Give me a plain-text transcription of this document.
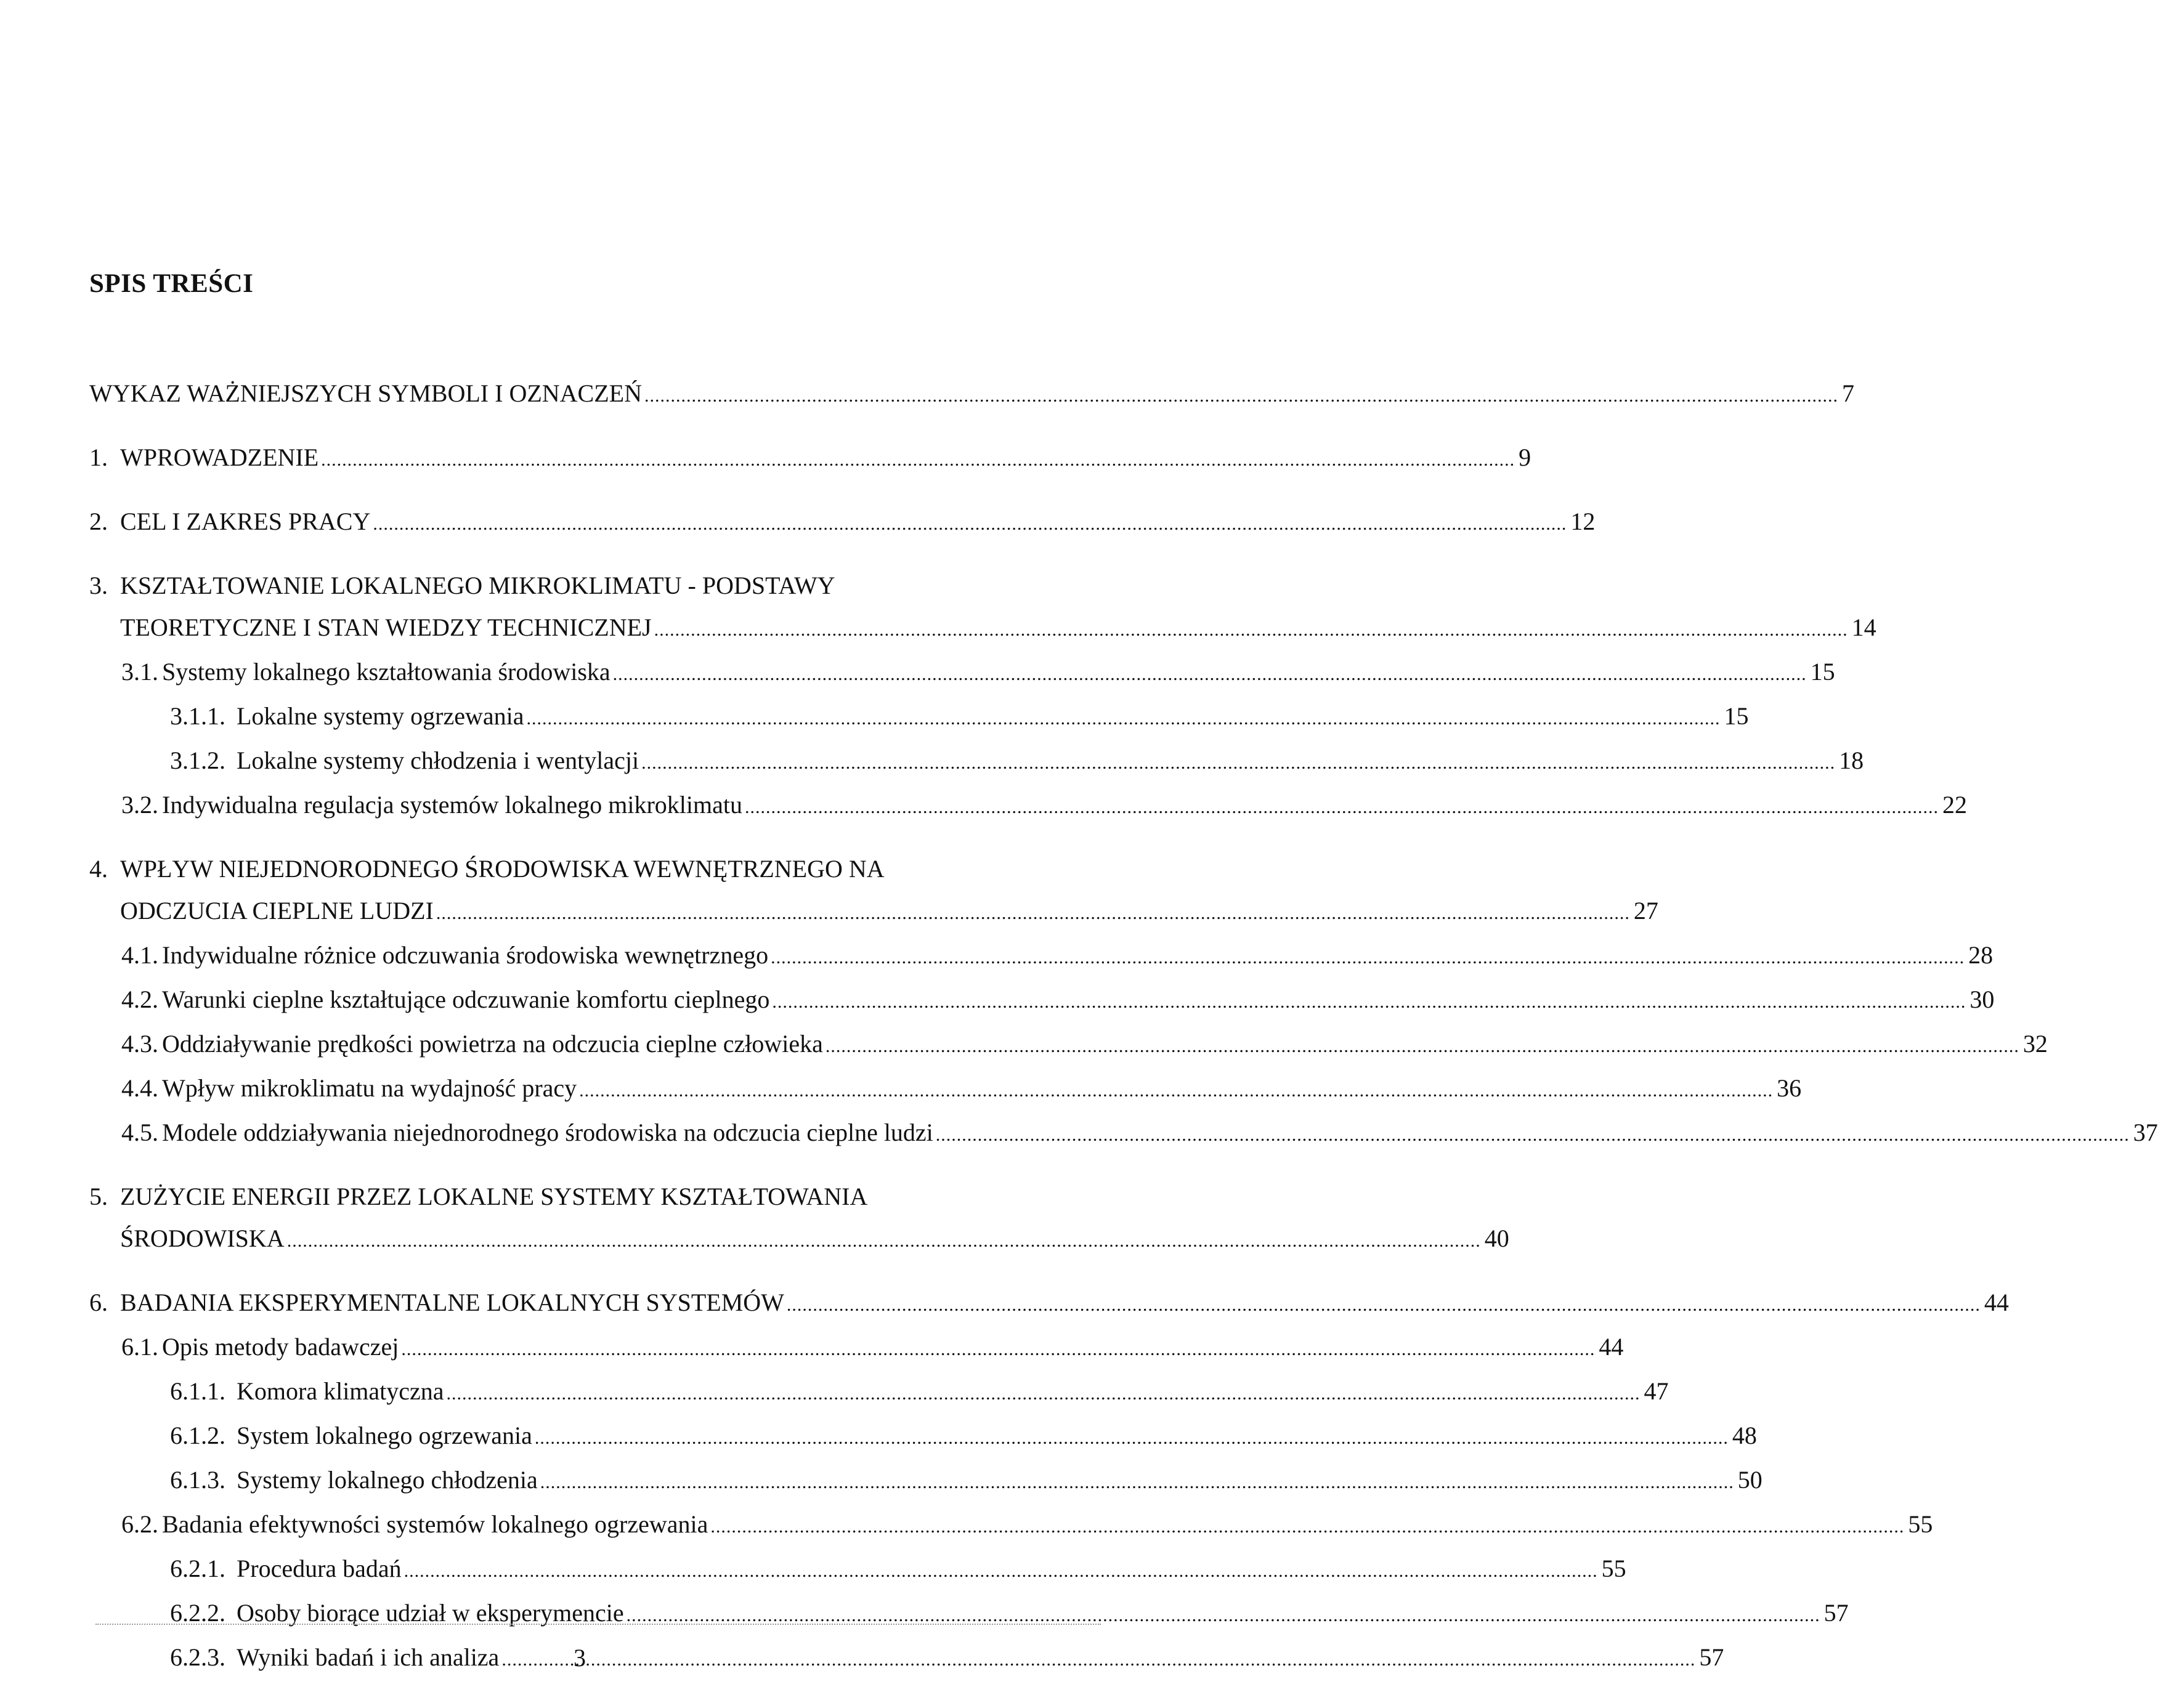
SPIS TREŚCI
WYKAZ WAŻNIEJSZYCH SYMBOLI I OZNACZEŃ .....	7
1. WPROWADZENIE .....	9
2. CEL I ZAKRES PRACY .....	12
3. KSZTAŁTOWANIE LOKALNEGO MIKROKLIMATU - PODSTAWY
TEORETYCZNE I STAN WIEDZY TECHNICZNEJ .....	14
3.1. Systemy lokalnego kształtowania środowiska .....	15
3.1.1. Lokalne systemy ogrzewania .....	15
3.1.2. Lokalne systemy chłodzenia i wentylacji .....	18
3.2. Indywidualna regulacja systemów lokalnego mikroklimatu .....	22
4. WPŁYW NIEJEDNORODNEGO ŚRODOWISKA WEWNĘTRZNEGO NA
ODCZUCIA CIEPLNE LUDZI .....	27
4.1. Indywidualne różnice odczuwania środowiska wewnętrznego .....	28
4.2. Warunki cieplne kształtujące odczuwanie komfortu cieplnego .....	30
4.3. Oddziaływanie prędkości powietrza na odczucia cieplne człowieka .....	32
4.4. Wpływ mikroklimatu na wydajność pracy .....	36
4.5. Modele oddziaływania niejednorodnego środowiska na odczucia cieplne ludzi .....	37
5. ZUŻYCIE ENERGII PRZEZ LOKALNE SYSTEMY KSZTAŁTOWANIA
ŚRODOWISKA .....	40
6. BADANIA EKSPERYMENTALNE LOKALNYCH SYSTEMÓW .....	44
6.1. Opis metody badawczej .....	44
6.1.1. Komora klimatyczna .....	47
6.1.2. System lokalnego ogrzewania .....	48
6.1.3. Systemy lokalnego chłodzenia .....	50
6.2. Badania efektywności systemów lokalnego ogrzewania .....	55
6.2.1. Procedura badań .....	55
6.2.2. Osoby biorące udział w eksperymencie .....	57
6.2.3. Wyniki badań i ich analiza .....	57
3
